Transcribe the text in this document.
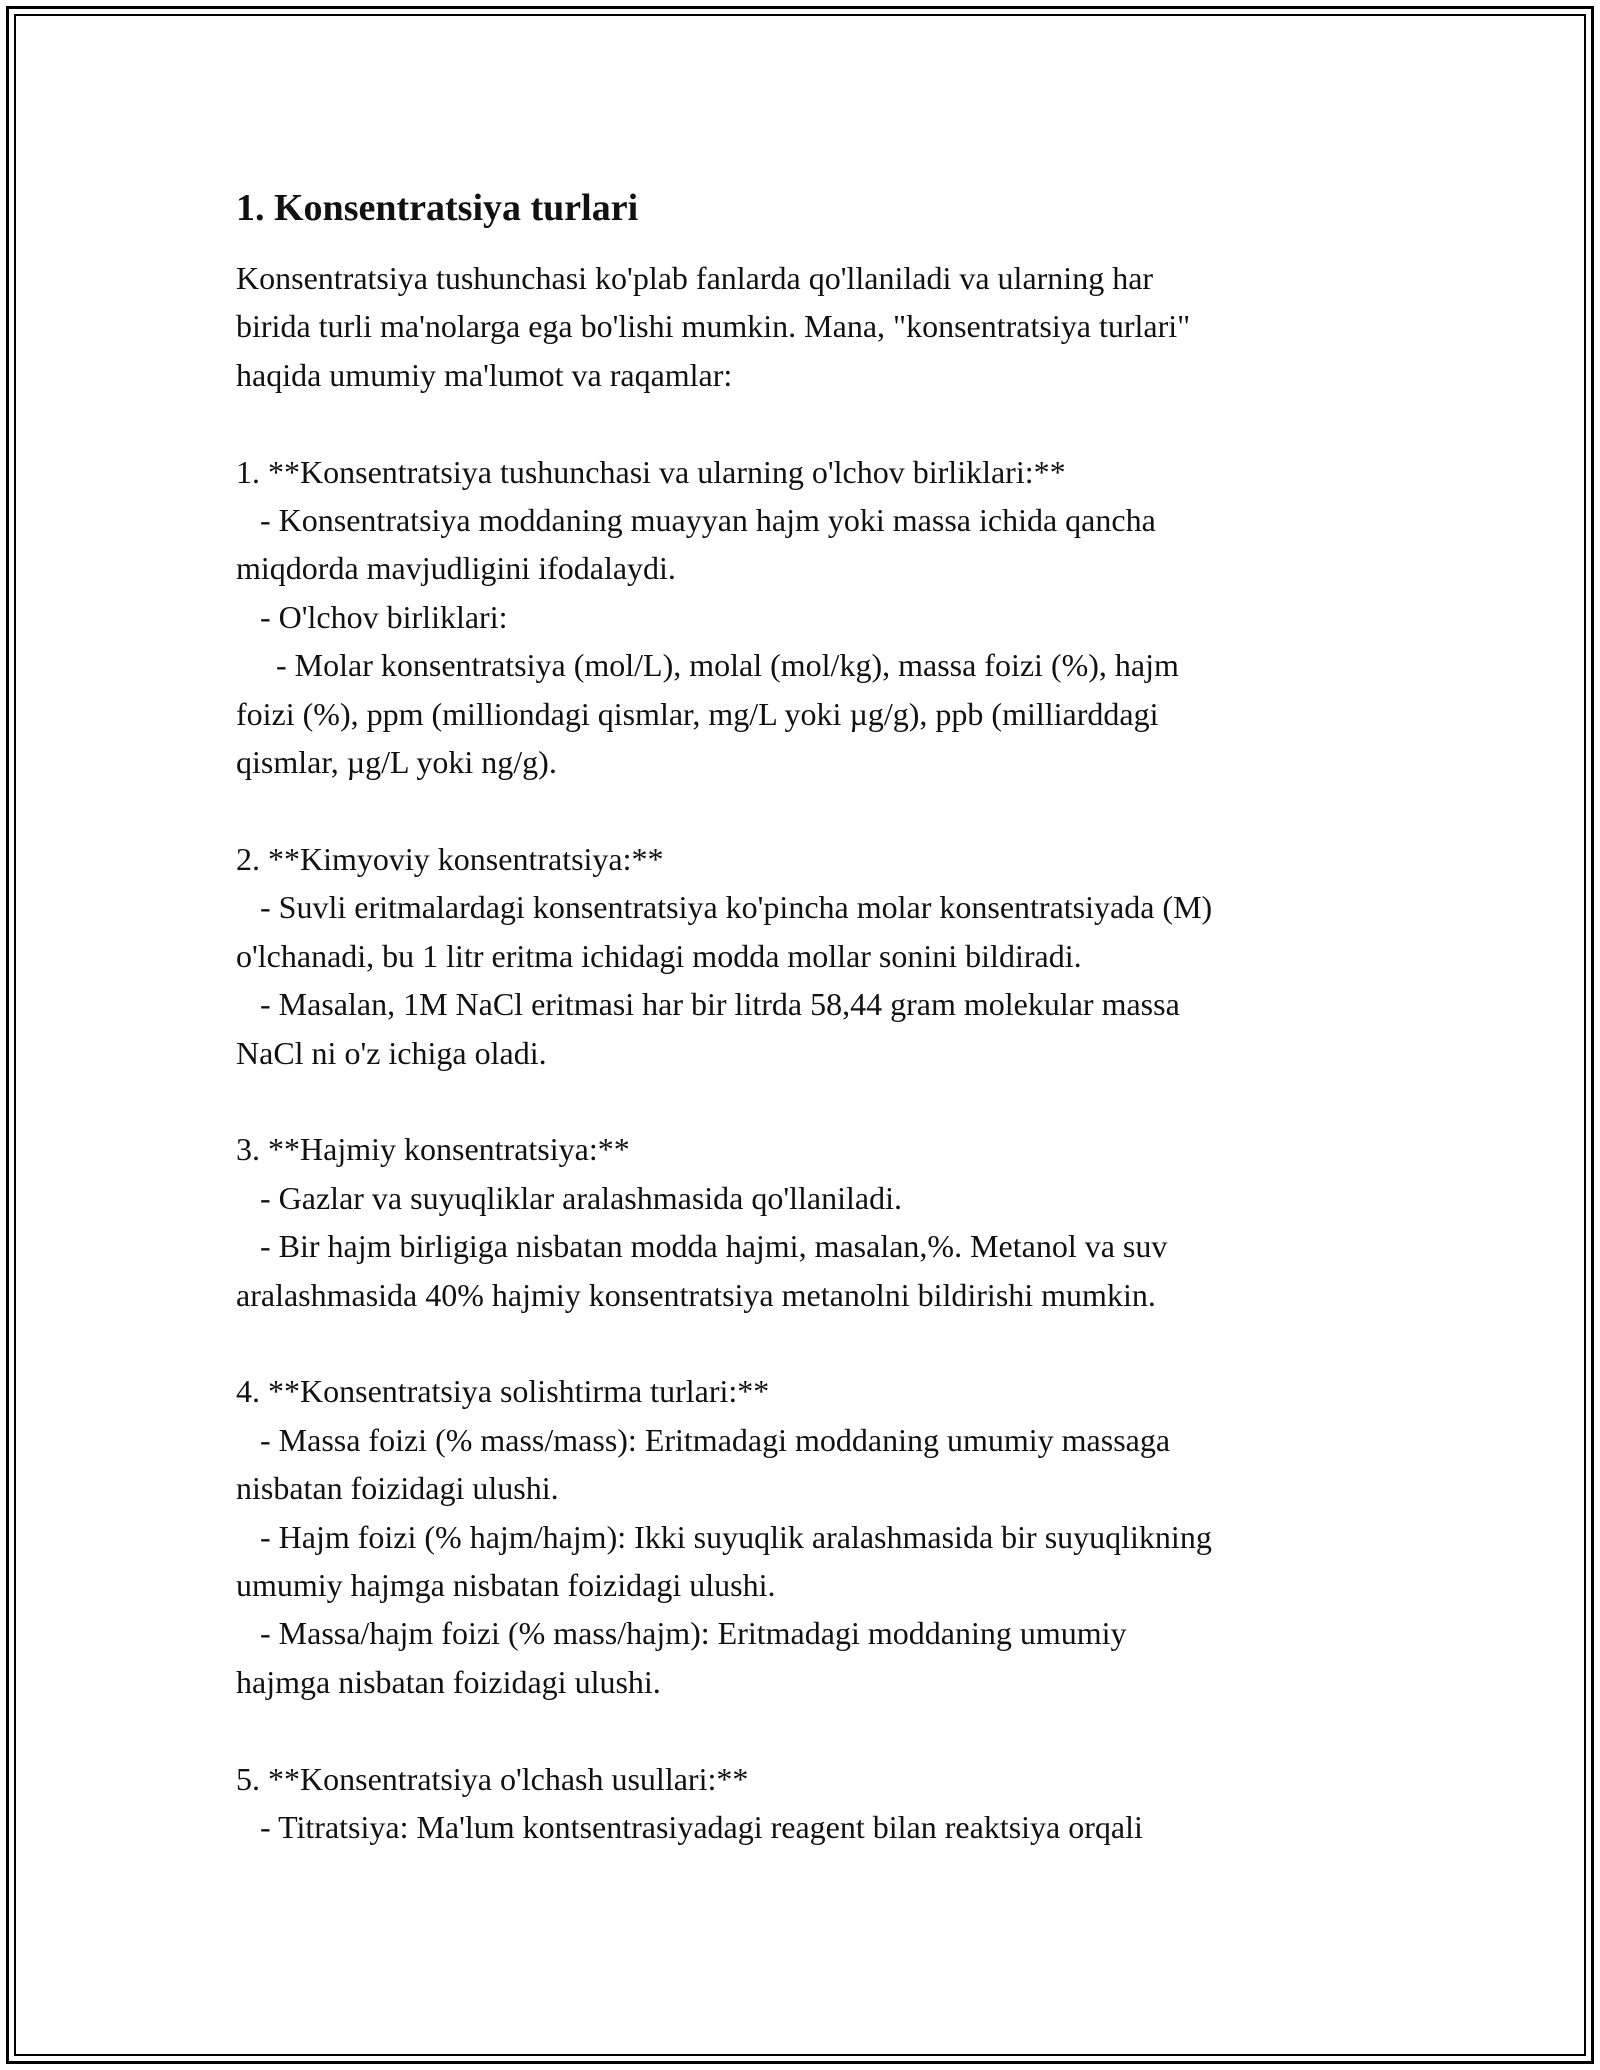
1. Konsentratsiya turlari

Konsentratsiya tushunchasi ko'plab fanlarda qo'llaniladi va ularning har
birida turli ma'nolarga ega bo'lishi mumkin. Mana, "konsentratsiya turlari"
haqida umumiy ma'lumot va raqamlar:

1. **Konsentratsiya tushunchasi va ularning o'lchov birliklari:**
- Konsentratsiya moddaning muayyan hajm yoki massa ichida qancha
miqdorda mavjudligini ifodalaydi.
- O'lchov birliklari:
- Molar konsentratsiya (mol/L), molal (mol/kg), massa foizi (%), hajm
foizi (%), ppm (milliondagi qismlar, mg/L yoki µg/g), ppb (milliarddagi
qismlar, µg/L yoki ng/g).

2. **Kimyoviy konsentratsiya:**
- Suvli eritmalardagi konsentratsiya ko'pincha molar konsentratsiyada (M)
o'lchanadi, bu 1 litr eritma ichidagi modda mollar sonini bildiradi.
- Masalan, 1M NaCl eritmasi har bir litrda 58,44 gram molekular massa
NaCl ni o'z ichiga oladi.

3. **Hajmiy konsentratsiya:**
- Gazlar va suyuqliklar aralashmasida qo'llaniladi.
- Bir hajm birligiga nisbatan modda hajmi, masalan,%. Metanol va suv
aralashmasida 40% hajmiy konsentratsiya metanolni bildirishi mumkin.

4. **Konsentratsiya solishtirma turlari:**
- Massa foizi (% mass/mass): Eritmadagi moddaning umumiy massaga
nisbatan foizidagi ulushi.
- Hajm foizi (% hajm/hajm): Ikki suyuqlik aralashmasida bir suyuqlikning
umumiy hajmga nisbatan foizidagi ulushi.
- Massa/hajm foizi (% mass/hajm): Eritmadagi moddaning umumiy
hajmga nisbatan foizidagi ulushi.

5. **Konsentratsiya o'lchash usullari:**
- Titratsiya: Ma'lum kontsentrasiyadagi reagent bilan reaktsiya orqali
